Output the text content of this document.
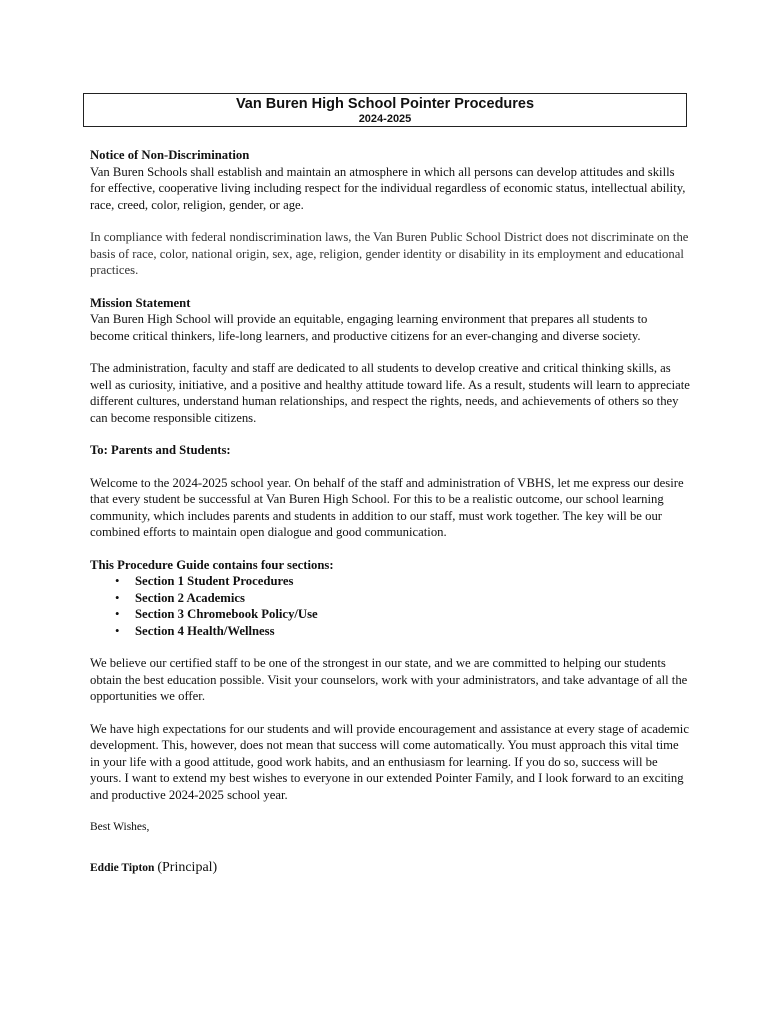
Van Buren High School Pointer Procedures
2024-2025
Notice of Non-Discrimination

Van Buren Schools shall establish and maintain an atmosphere in which all persons can develop attitudes and skills for effective, cooperative living including respect for the individual regardless of economic status, intellectual ability, race, creed, color, religion, gender, or age.

In compliance with federal nondiscrimination laws, the Van Buren Public School District does not discriminate on the basis of race, color, national origin, sex, age, religion, gender identity or disability in its employment and educational practices.

Mission Statement

Van Buren High School will provide an equitable, engaging learning environment that prepares all students to become critical thinkers, life-long learners, and productive citizens for an ever-changing and diverse society.

The administration, faculty and staff are dedicated to all students to develop creative and critical thinking skills, as well as curiosity, initiative, and a positive and healthy attitude toward life. As a result, students will learn to appreciate different cultures, understand human relationships, and respect the rights, needs, and achievements of others so they can become responsible citizens.

To: Parents and Students:

Welcome to the 2024-2025 school year. On behalf of the staff and administration of VBHS, let me express our desire that every student be successful at Van Buren High School. For this to be a realistic outcome, our school learning community, which includes parents and students in addition to our staff, must work together. The key will be our combined efforts to maintain open dialogue and good communication.

This Procedure Guide contains four sections:
• Section 1 Student Procedures
• Section 2 Academics
• Section 3 Chromebook Policy/Use
• Section 4 Health/Wellness

We believe our certified staff to be one of the strongest in our state, and we are committed to helping our students obtain the best education possible. Visit your counselors, work with your administrators, and take advantage of all the opportunities we offer.

We have high expectations for our students and will provide encouragement and assistance at every stage of academic development. This, however, does not mean that success will come automatically. You must approach this vital time in your life with a good attitude, good work habits, and an enthusiasm for learning. If you do so, success will be yours. I want to extend my best wishes to everyone in our extended Pointer Family, and I look forward to an exciting and productive 2024-2025 school year.

Best Wishes,

Eddie Tipton (Principal)
